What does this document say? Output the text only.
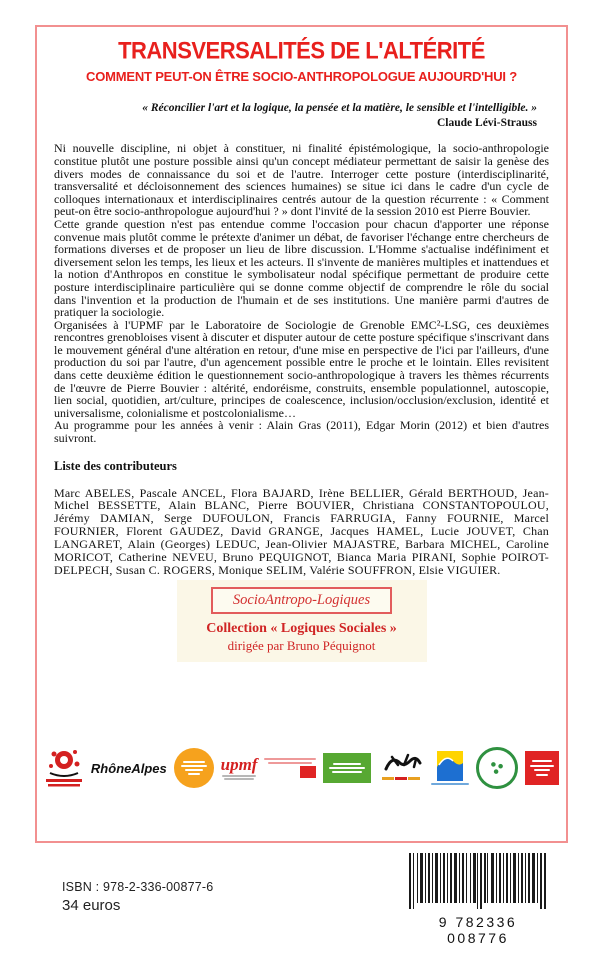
TRANSVERSALITÉS DE L'ALTÉRITÉ
COMMENT PEUT-ON ÊTRE SOCIO-ANTHROPOLOGUE AUJOURD'HUI ?
« Réconcilier l'art et la logique, la pensée et la matière, le sensible et l'intelligible. »
Claude Lévi-Strauss

Ni nouvelle discipline, ni objet à constituer, ni finalité épistémologique, la socio-anthropologie constitue plutôt une posture possible ainsi qu'un concept médiateur permettant de saisir la genèse des divers modes de connaissance du soi et de l'autre. Interroger cette posture (interdisciplinarité, transversalité et décloisonnement des sciences humaines) se situe ici dans le cadre d'un cycle de colloques internationaux et interdisciplinaires centrés autour de la question récurrente : « Comment peut-on être socio-anthropologue aujourd'hui ? » dont l'invité de la session 2010 est Pierre Bouvier.

Cette grande question n'est pas entendue comme l'occasion pour chacun d'apporter une réponse convenue mais plutôt comme le prétexte d'animer un débat, de favoriser l'échange entre chercheurs de formations diverses et de proposer un lieu de libre discussion. L'Homme s'actualise indéfiniment et diversement selon les temps, les lieux et les acteurs. Il s'invente de manières multiples et inattendues et la notion d'Anthropos en constitue le symbolisateur nodal spécifique permettant de produire cette posture interdisciplinaire particulière qui se donne comme objectif de comprendre le rôle du social dans l'invention et la production de l'humain et de ses institutions. Une manière parmi d'autres de pratiquer la sociologie.

Organisées à l'UPMF par le Laboratoire de Sociologie de Grenoble EMC²-LSG, ces deuxièmes rencontres grenobloises visent à discuter et disputer autour de cette posture spécifique s'inscrivant dans le mouvement général d'une altération en retour, d'une mise en perspective de l'ici par l'ailleurs, d'une production du soi par l'autre, d'un agencement possible entre le proche et le lointain. Elles revisitent dans cette deuxième édition le questionnement socio-anthropologique à travers les thèmes récurrents de l'œuvre de Pierre Bouvier : altérité, endoréisme, construits, ensemble populationnel, autoscopie, lien social, quotidien, art/culture, principes de coalescence, inclusion/occlusion/exclusion, identité et universalisme, colonialisme et postcolonialisme…

Au programme pour les années à venir : Alain Gras (2011), Edgar Morin (2012) et bien d'autres suivront.

Liste des contributeurs
Marc ABELES, Pascale ANCEL, Flora BAJARD, Irène BELLIER, Gérald BERTHOUD, Jean-Michel BESSETTE, Alain BLANC, Pierre BOUVIER, Christiana CONSTANTOPOULOU, Jérémy DAMIAN, Serge DUFOULON, Francis FARRUGIA, Fanny FOURNIE, Marcel FOURNIER, Florent GAUDEZ, David GRANGE, Jacques HAMEL, Lucie JOUVET, Chan LANGARET, Alain (Georges) LEDUC, Jean-Olivier MAJASTRE, Barbara MICHEL, Caroline MORICOT, Catherine NEVEU, Bruno PEQUIGNOT, Bianca Maria PIRANI, Sophie POIROT-DELPECH, Susan C. ROGERS, Monique SELIM, Valérie SOUFFRON, Elsie VIGUIER.
RhôneAlpes	upmf
SocioAntropo-Logiques
Collection « Logiques Sociales »
dirigée par Bruno Péquignot
ISBN : 978-2-336-00877-6
34 euros
9 782336 008776
